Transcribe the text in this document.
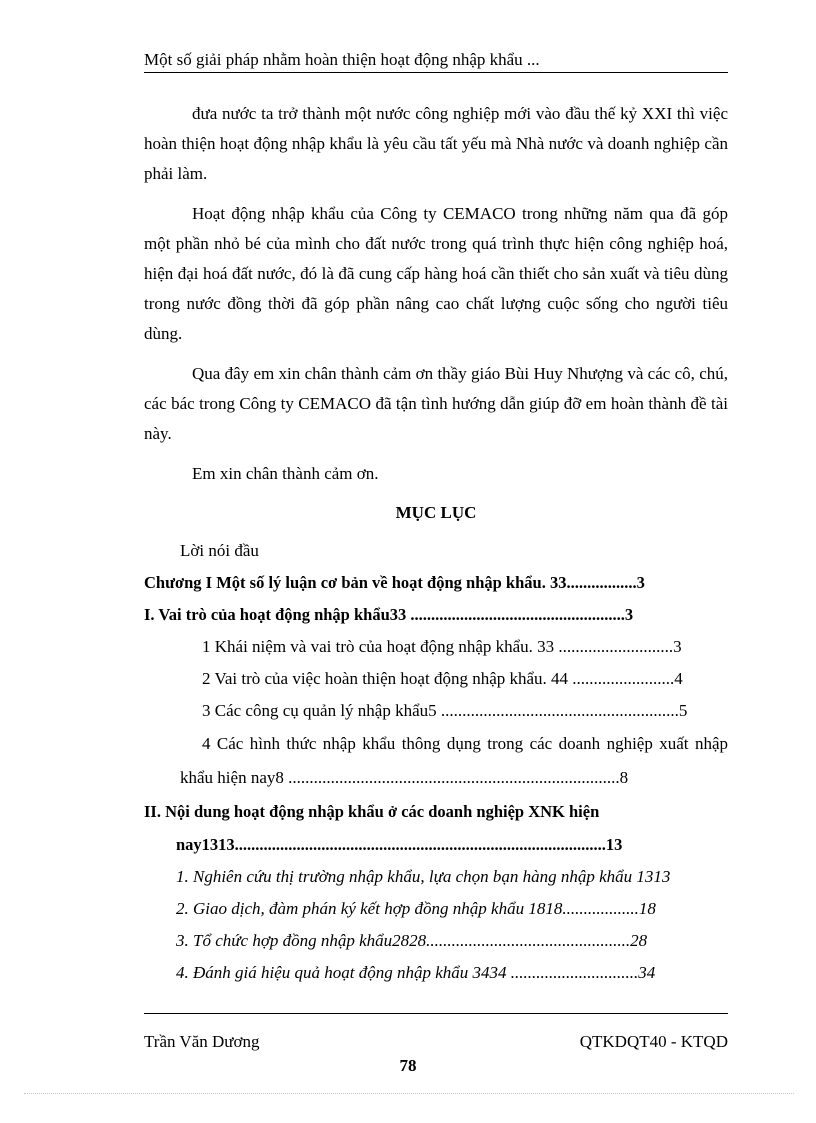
Một số giải pháp nhằm hoàn thiện hoạt động nhập khẩu ...

đưa nước ta trở thành một nước công nghiệp mới vào đầu thế kỷ XXI thì việc hoàn thiện hoạt động nhập khẩu là yêu cầu tất yếu mà Nhà nước và doanh nghiệp cần phải làm.

Hoạt động nhập khẩu của Công ty CEMACO trong những năm qua đã góp một phần nhỏ bé của mình cho đất nước trong quá trình thực hiện công nghiệp hoá, hiện đại hoá đất nước, đó là đã cung cấp hàng hoá cần thiết cho sản xuất và tiêu dùng trong nước đồng thời đã góp phần nâng cao chất lượng cuộc sống cho người tiêu dùng.

Qua đây em xin chân thành cảm ơn thầy giáo Bùi Huy Nhượng và các cô, chú, các bác trong Công ty CEMACO đã tận tình hướng dẫn giúp đỡ em hoàn thành đề tài này.

Em xin chân thành cảm ơn.

MỤC LỤC
Lời nói đầu
Chương I Một số lý luận cơ bản về hoạt động nhập khẩu. 33.................3
I. Vai trò của hoạt động nhập khẩu33 ....................................................3
1 Khái niệm và vai trò của hoạt động nhập khẩu. 33 ...........................3
2 Vai trò của việc hoàn thiện hoạt động nhập khẩu. 44 ........................4
3 Các công cụ quản lý nhập khẩu5 ........................................................5
4 Các hình thức nhập khẩu thông dụng trong các doanh nghiệp xuất nhập khẩu hiện nay8 ..............................................................................8
II. Nội dung hoạt động nhập khẩu ở các doanh nghiệp XNK hiện nay1313..........................................................................................13
1. Nghiên cứu thị trường nhập khẩu, lựa chọn bạn hàng nhập khẩu 1313
2. Giao dịch, đàm phán ký kết hợp đồng nhập khẩu 1818..................18
3. Tổ chức hợp đồng nhập khẩu2828................................................28
4. Đánh giá hiệu quả hoạt động nhập khẩu 3434 ..............................34
Trần Văn Dương	QTKDQT40 - KTQD
78
